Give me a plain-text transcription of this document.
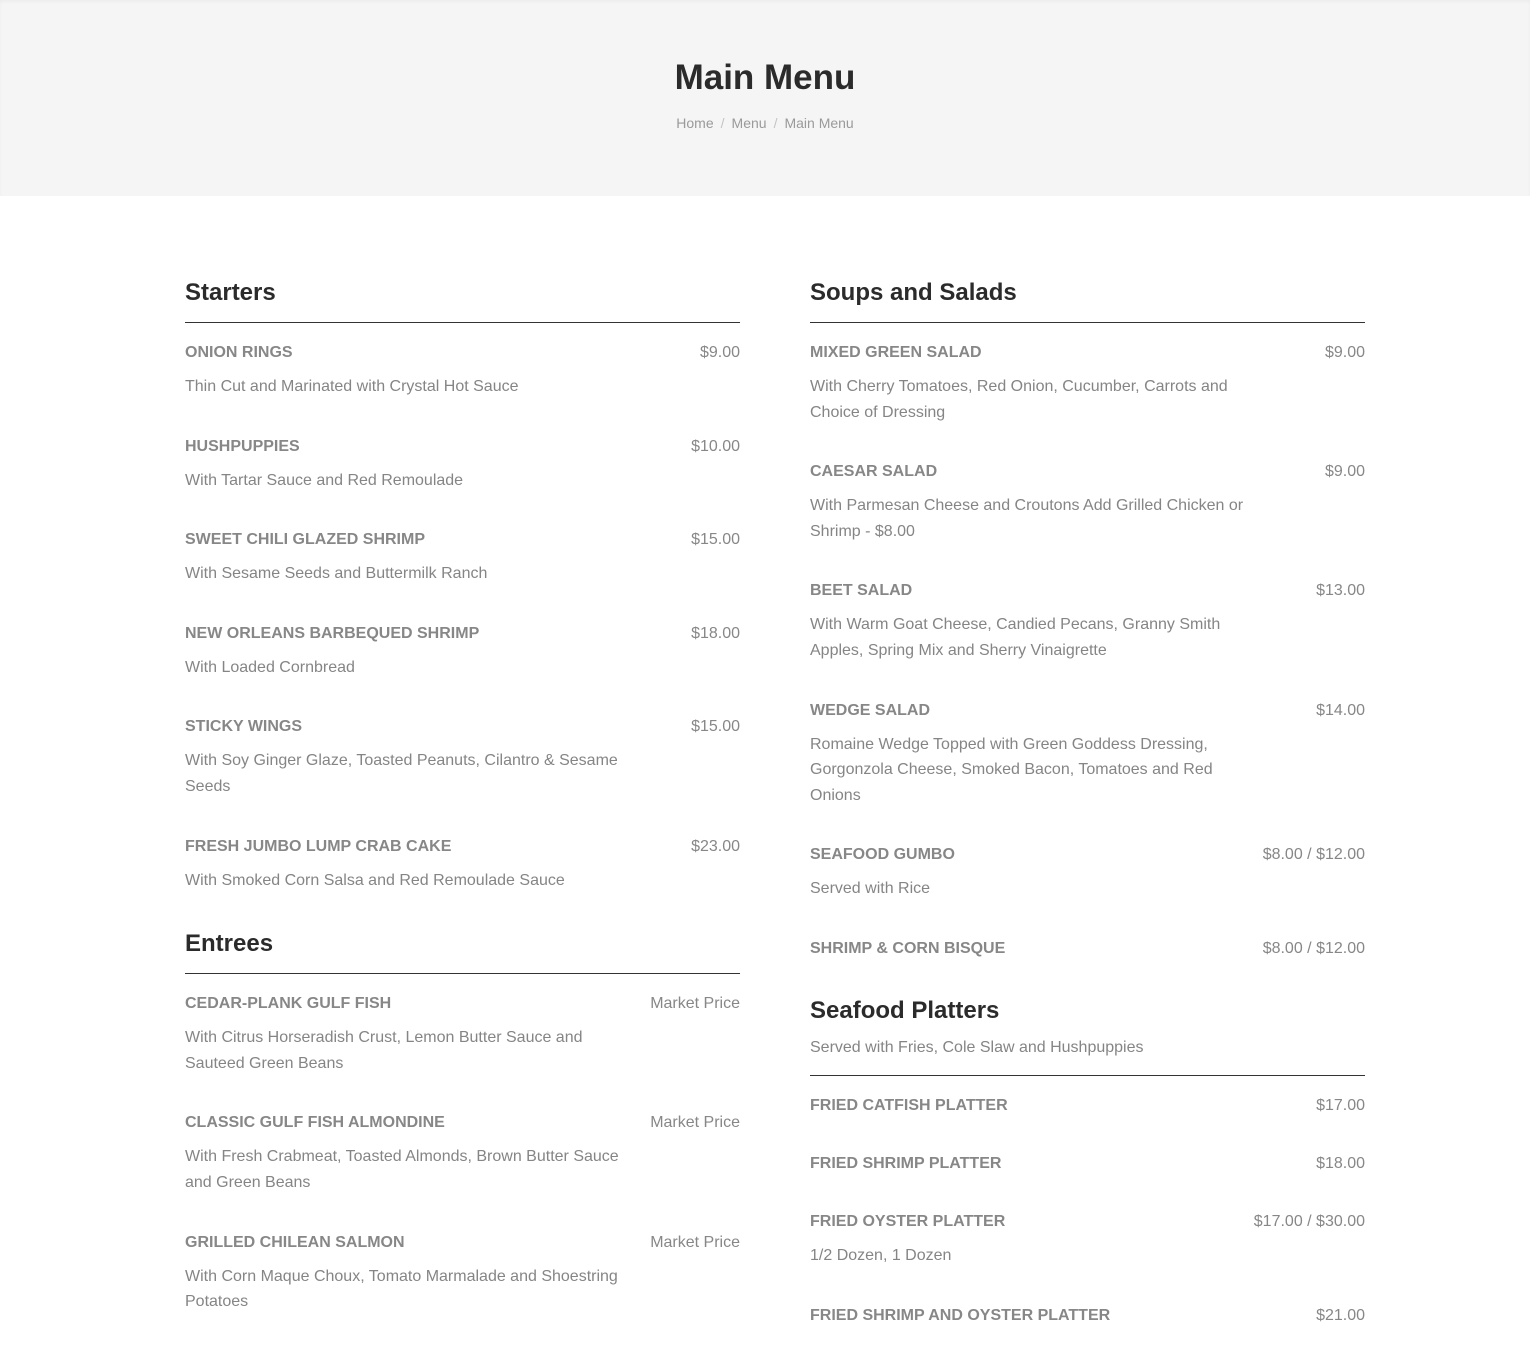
Main Menu
Home / Menu / Main Menu
Starters
ONION RINGS	$9.00
Thin Cut and Marinated with Crystal Hot Sauce
HUSHPUPPIES	$10.00
With Tartar Sauce and Red Remoulade
SWEET CHILI GLAZED SHRIMP	$15.00
With Sesame Seeds and Buttermilk Ranch
NEW ORLEANS BARBEQUED SHRIMP	$18.00
With Loaded Cornbread
STICKY WINGS	$15.00
With Soy Ginger Glaze, Toasted Peanuts, Cilantro & Sesame Seeds
FRESH JUMBO LUMP CRAB CAKE	$23.00
With Smoked Corn Salsa and Red Remoulade Sauce
Entrees
CEDAR-PLANK GULF FISH	Market Price
With Citrus Horseradish Crust, Lemon Butter Sauce and Sauteed Green Beans
CLASSIC GULF FISH ALMONDINE	Market Price
With Fresh Crabmeat, Toasted Almonds, Brown Butter Sauce and Green Beans
GRILLED CHILEAN SALMON	Market Price
With Corn Maque Choux, Tomato Marmalade and Shoestring Potatoes
Soups and Salads
MIXED GREEN SALAD	$9.00
With Cherry Tomatoes, Red Onion, Cucumber, Carrots and Choice of Dressing
CAESAR SALAD	$9.00
With Parmesan Cheese and Croutons Add Grilled Chicken or Shrimp - $8.00
BEET SALAD	$13.00
With Warm Goat Cheese, Candied Pecans, Granny Smith Apples, Spring Mix and Sherry Vinaigrette
WEDGE SALAD	$14.00
Romaine Wedge Topped with Green Goddess Dressing, Gorgonzola Cheese, Smoked Bacon, Tomatoes and Red Onions
SEAFOOD GUMBO	$8.00 / $12.00
Served with Rice
SHRIMP & CORN BISQUE	$8.00 / $12.00
Seafood Platters

Served with Fries, Cole Slaw and Hushpuppies

FRIED CATFISH PLATTER	$17.00
FRIED SHRIMP PLATTER	$18.00
FRIED OYSTER PLATTER	$17.00 / $30.00
1/2 Dozen, 1 Dozen
FRIED SHRIMP AND OYSTER PLATTER	$21.00
